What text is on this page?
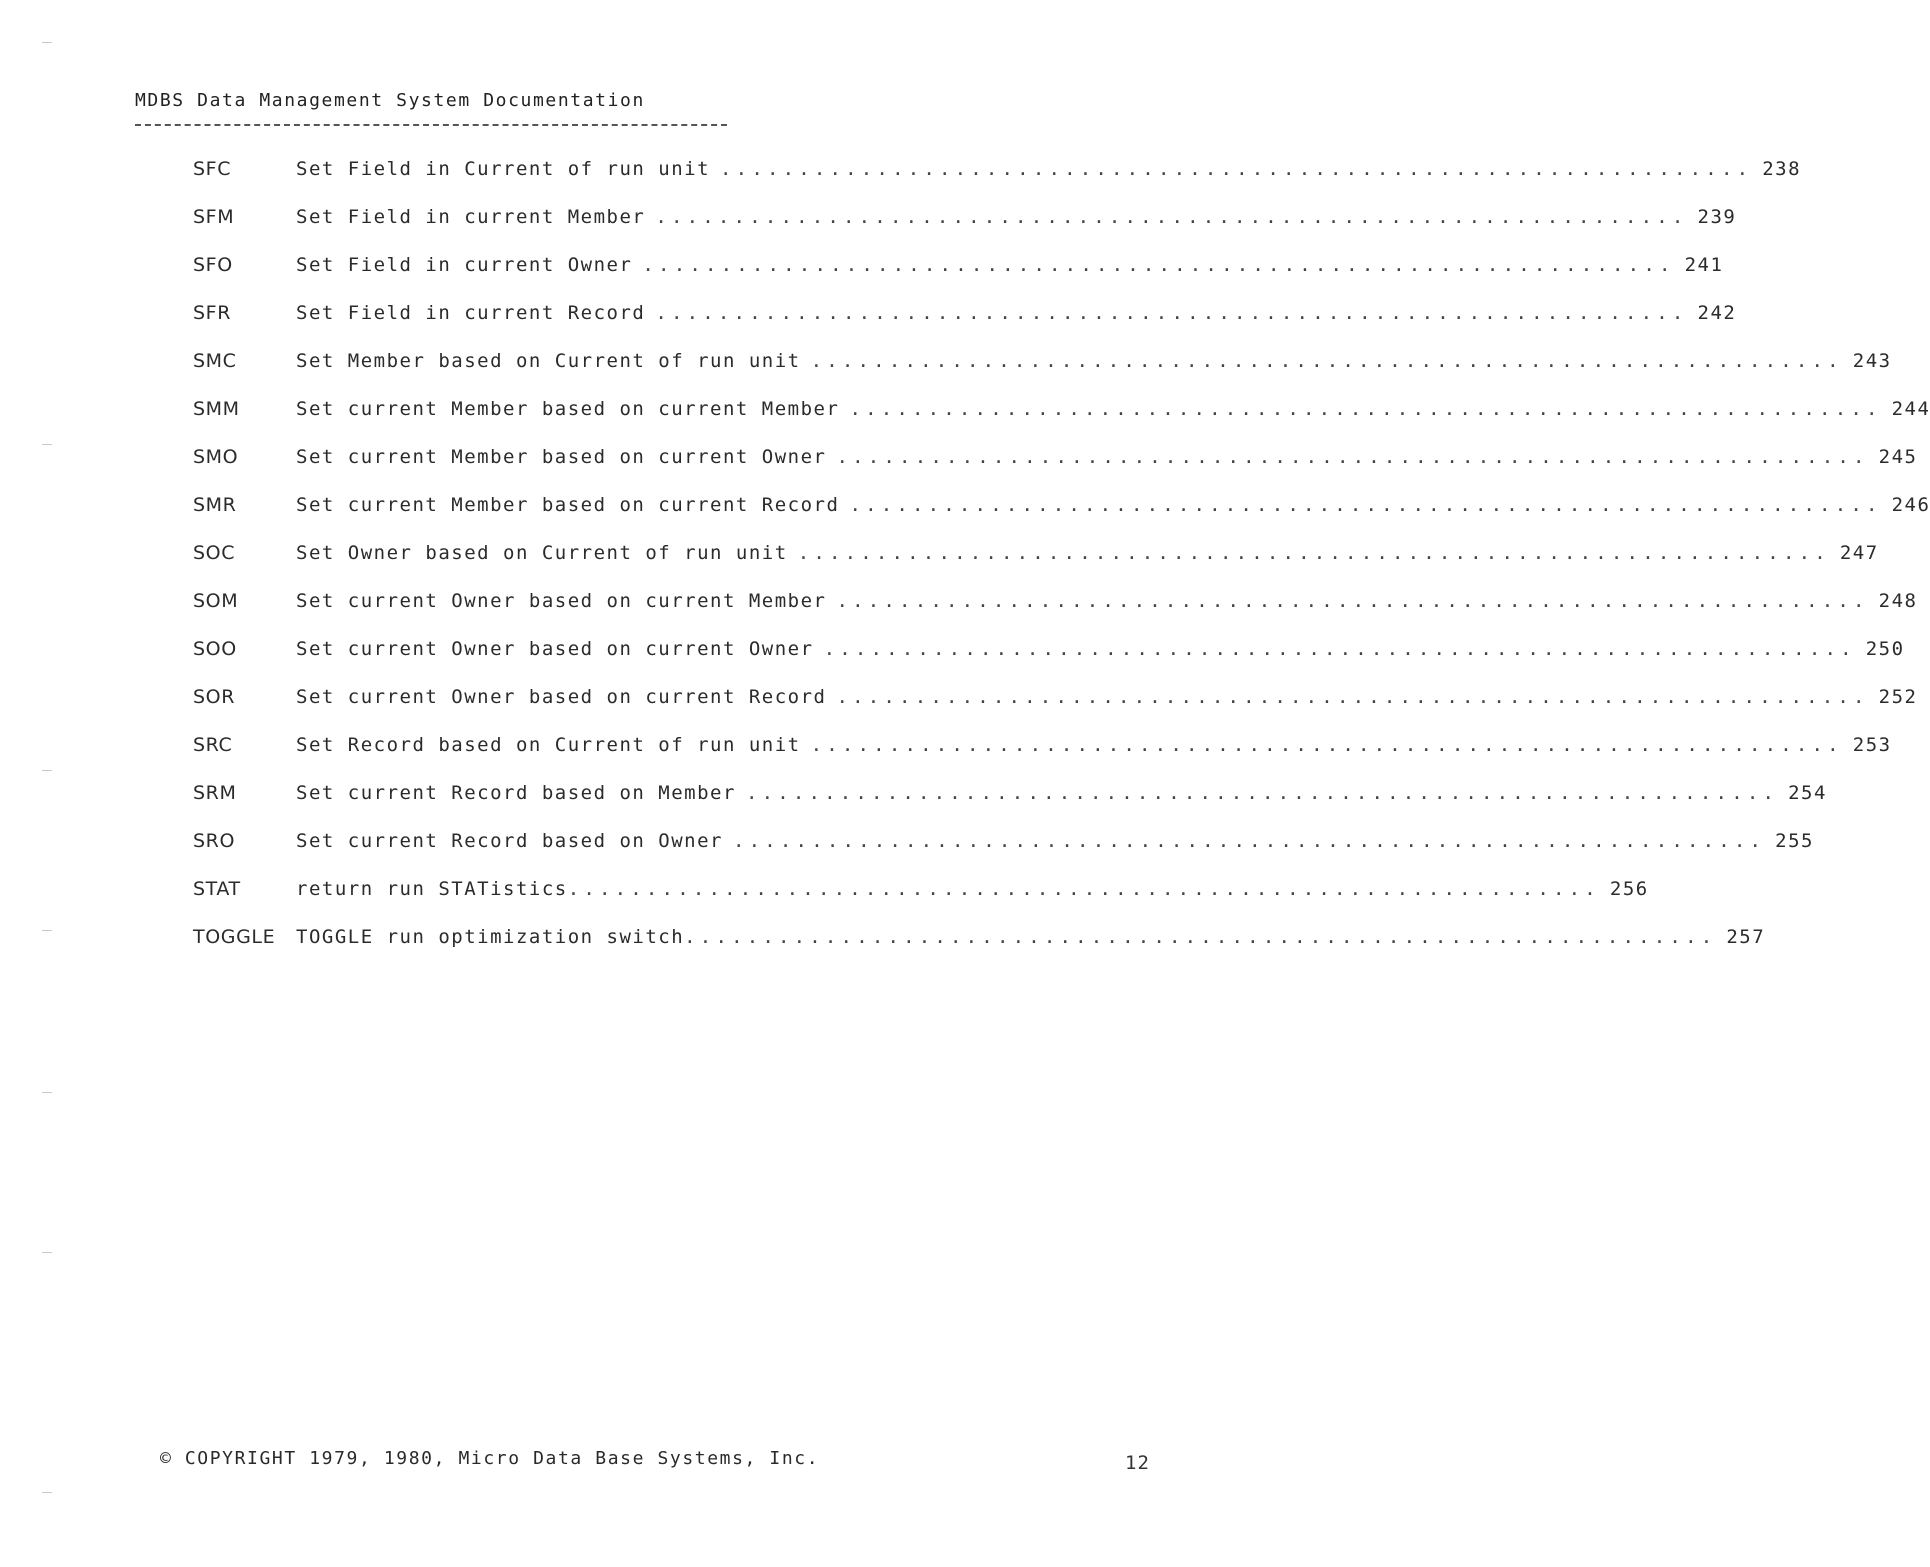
MDBS Data Management System Documentation
SFC	Set Field in Current of run unit .................................................................. 238
SFM	Set Field in current Member .................................................................. 239
SFO	Set Field in current Owner .................................................................. 241
SFR	Set Field in current Record .................................................................. 242
SMC	Set Member based on Current of run unit .................................................................. 243
SMM	Set current Member based on current Member .................................................................. 244
SMO	Set current Member based on current Owner .................................................................. 245
SMR	Set current Member based on current Record .................................................................. 246
SOC	Set Owner based on Current of run unit .................................................................. 247
SOM	Set current Owner based on current Member .................................................................. 248
SOO	Set current Owner based on current Owner .................................................................. 250
SOR	Set current Owner based on current Record .................................................................. 252
SRC	Set Record based on Current of run unit .................................................................. 253
SRM	Set current Record based on Member .................................................................. 254
SRO	Set current Record based on Owner .................................................................. 255
STAT	return run STATistics .................................................................. 256
TOGGLE TOGGLE run optimization switch .................................................................. 257
© COPYRIGHT 1979, 1980, Micro Data Base Systems, Inc.	12
